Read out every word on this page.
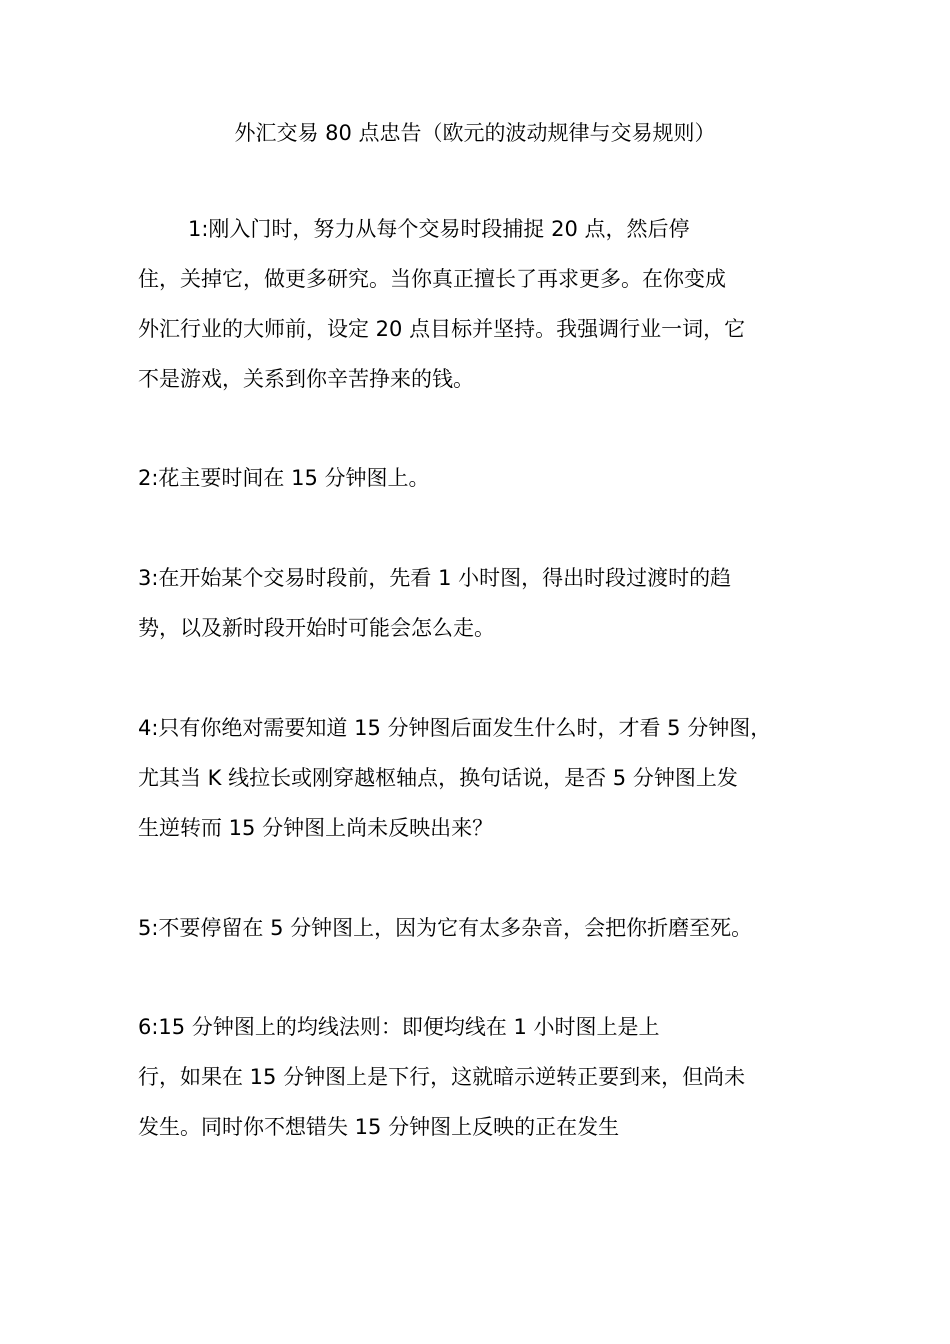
外汇交易 80 点忠告（欧元的波动规律与交易规则）
1:刚入门时，努力从每个交易时段捕捉 20 点，然后停
住，关掉它，做更多研究。当你真正擅长了再求更多。在你变成
外汇行业的大师前，设定 20 点目标并坚持。我强调行业一词，它
不是游戏，关系到你辛苦挣来的钱。
2:花主要时间在 15 分钟图上。
3:在开始某个交易时段前，先看 1 小时图，得出时段过渡时的趋
势，以及新时段开始时可能会怎么走。
4:只有你绝对需要知道 15 分钟图后面发生什么时，才看 5 分钟图，
尤其当 K 线拉长或刚穿越枢轴点，换句话说，是否 5 分钟图上发
生逆转而 15 分钟图上尚未反映出来？
5:不要停留在 5 分钟图上，因为它有太多杂音，会把你折磨至死。
6:15 分钟图上的均线法则：即便均线在 1 小时图上是上
行，如果在 15 分钟图上是下行，这就暗示逆转正要到来，但尚未
发生。同时你不想错失 15 分钟图上反映的正在发生
